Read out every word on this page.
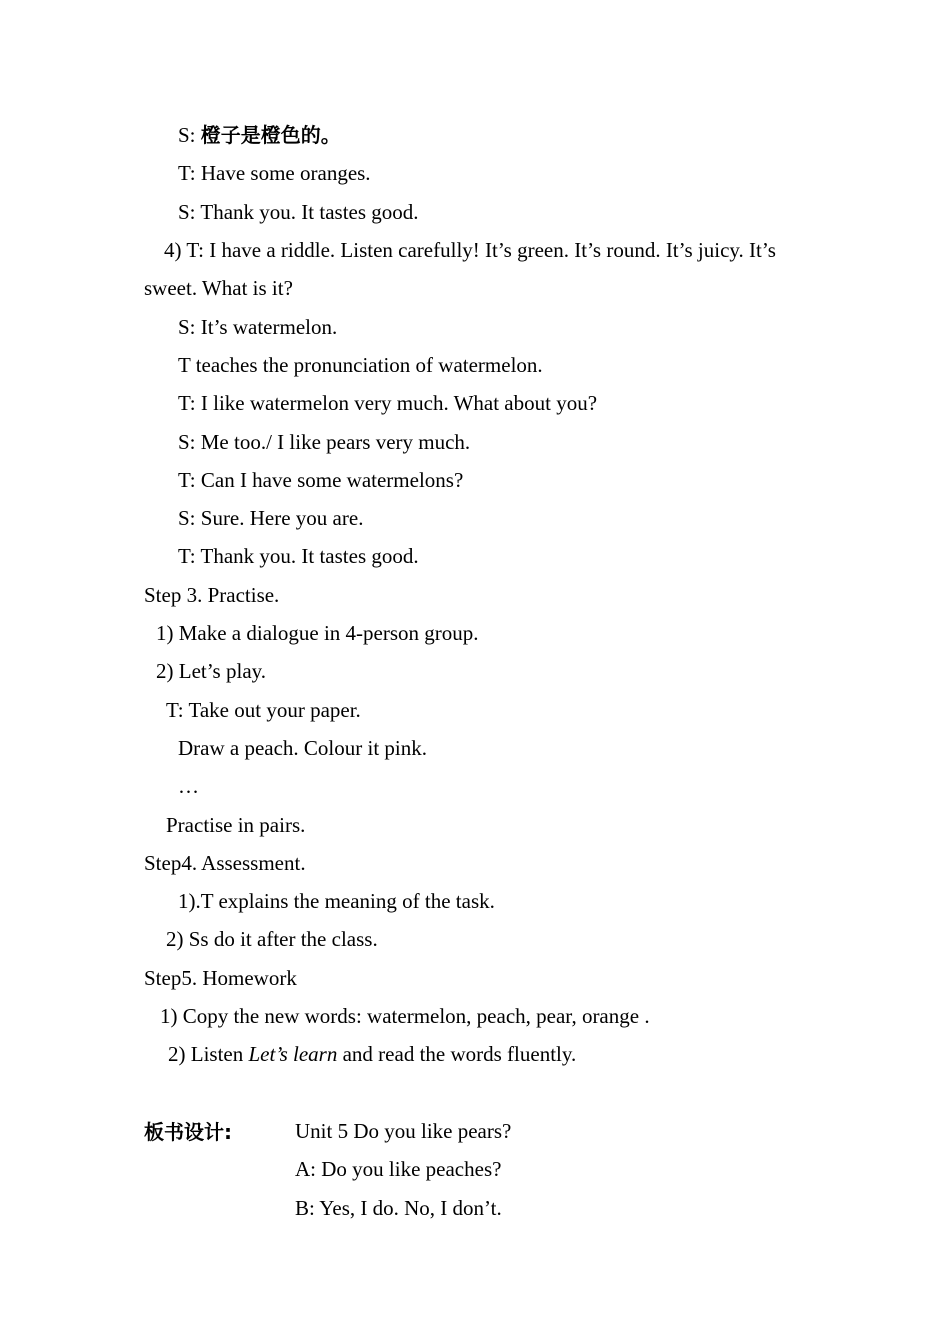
S: 橙子是橙色的。
T: Have some oranges.
S: Thank you. It tastes good.
4) T: I have a riddle. Listen carefully! It’s green. It’s round. It’s juicy. It’s
sweet. What is it?
S: It’s watermelon.
T teaches the pronunciation of watermelon.
T: I like watermelon very much. What about you?
S: Me too./ I like pears very much.
T: Can I have some watermelons?
S: Sure. Here you are.
T: Thank you. It tastes good.
Step 3. Practise.
1) Make a dialogue in 4-person group.
2) Let’s play.
T: Take out your paper.
Draw a peach. Colour it pink.
…
Practise in pairs.
Step4. Assessment.
1).T explains the meaning of the task.
2) Ss do it after the class.
Step5. Homework
1) Copy the new words: watermelon, peach, pear, orange .
2) Listen Let’s learn and read the words fluently.
板书设计:	Unit 5 Do you like pears?
A: Do you like peaches?
B: Yes, I do. No, I don’t.
